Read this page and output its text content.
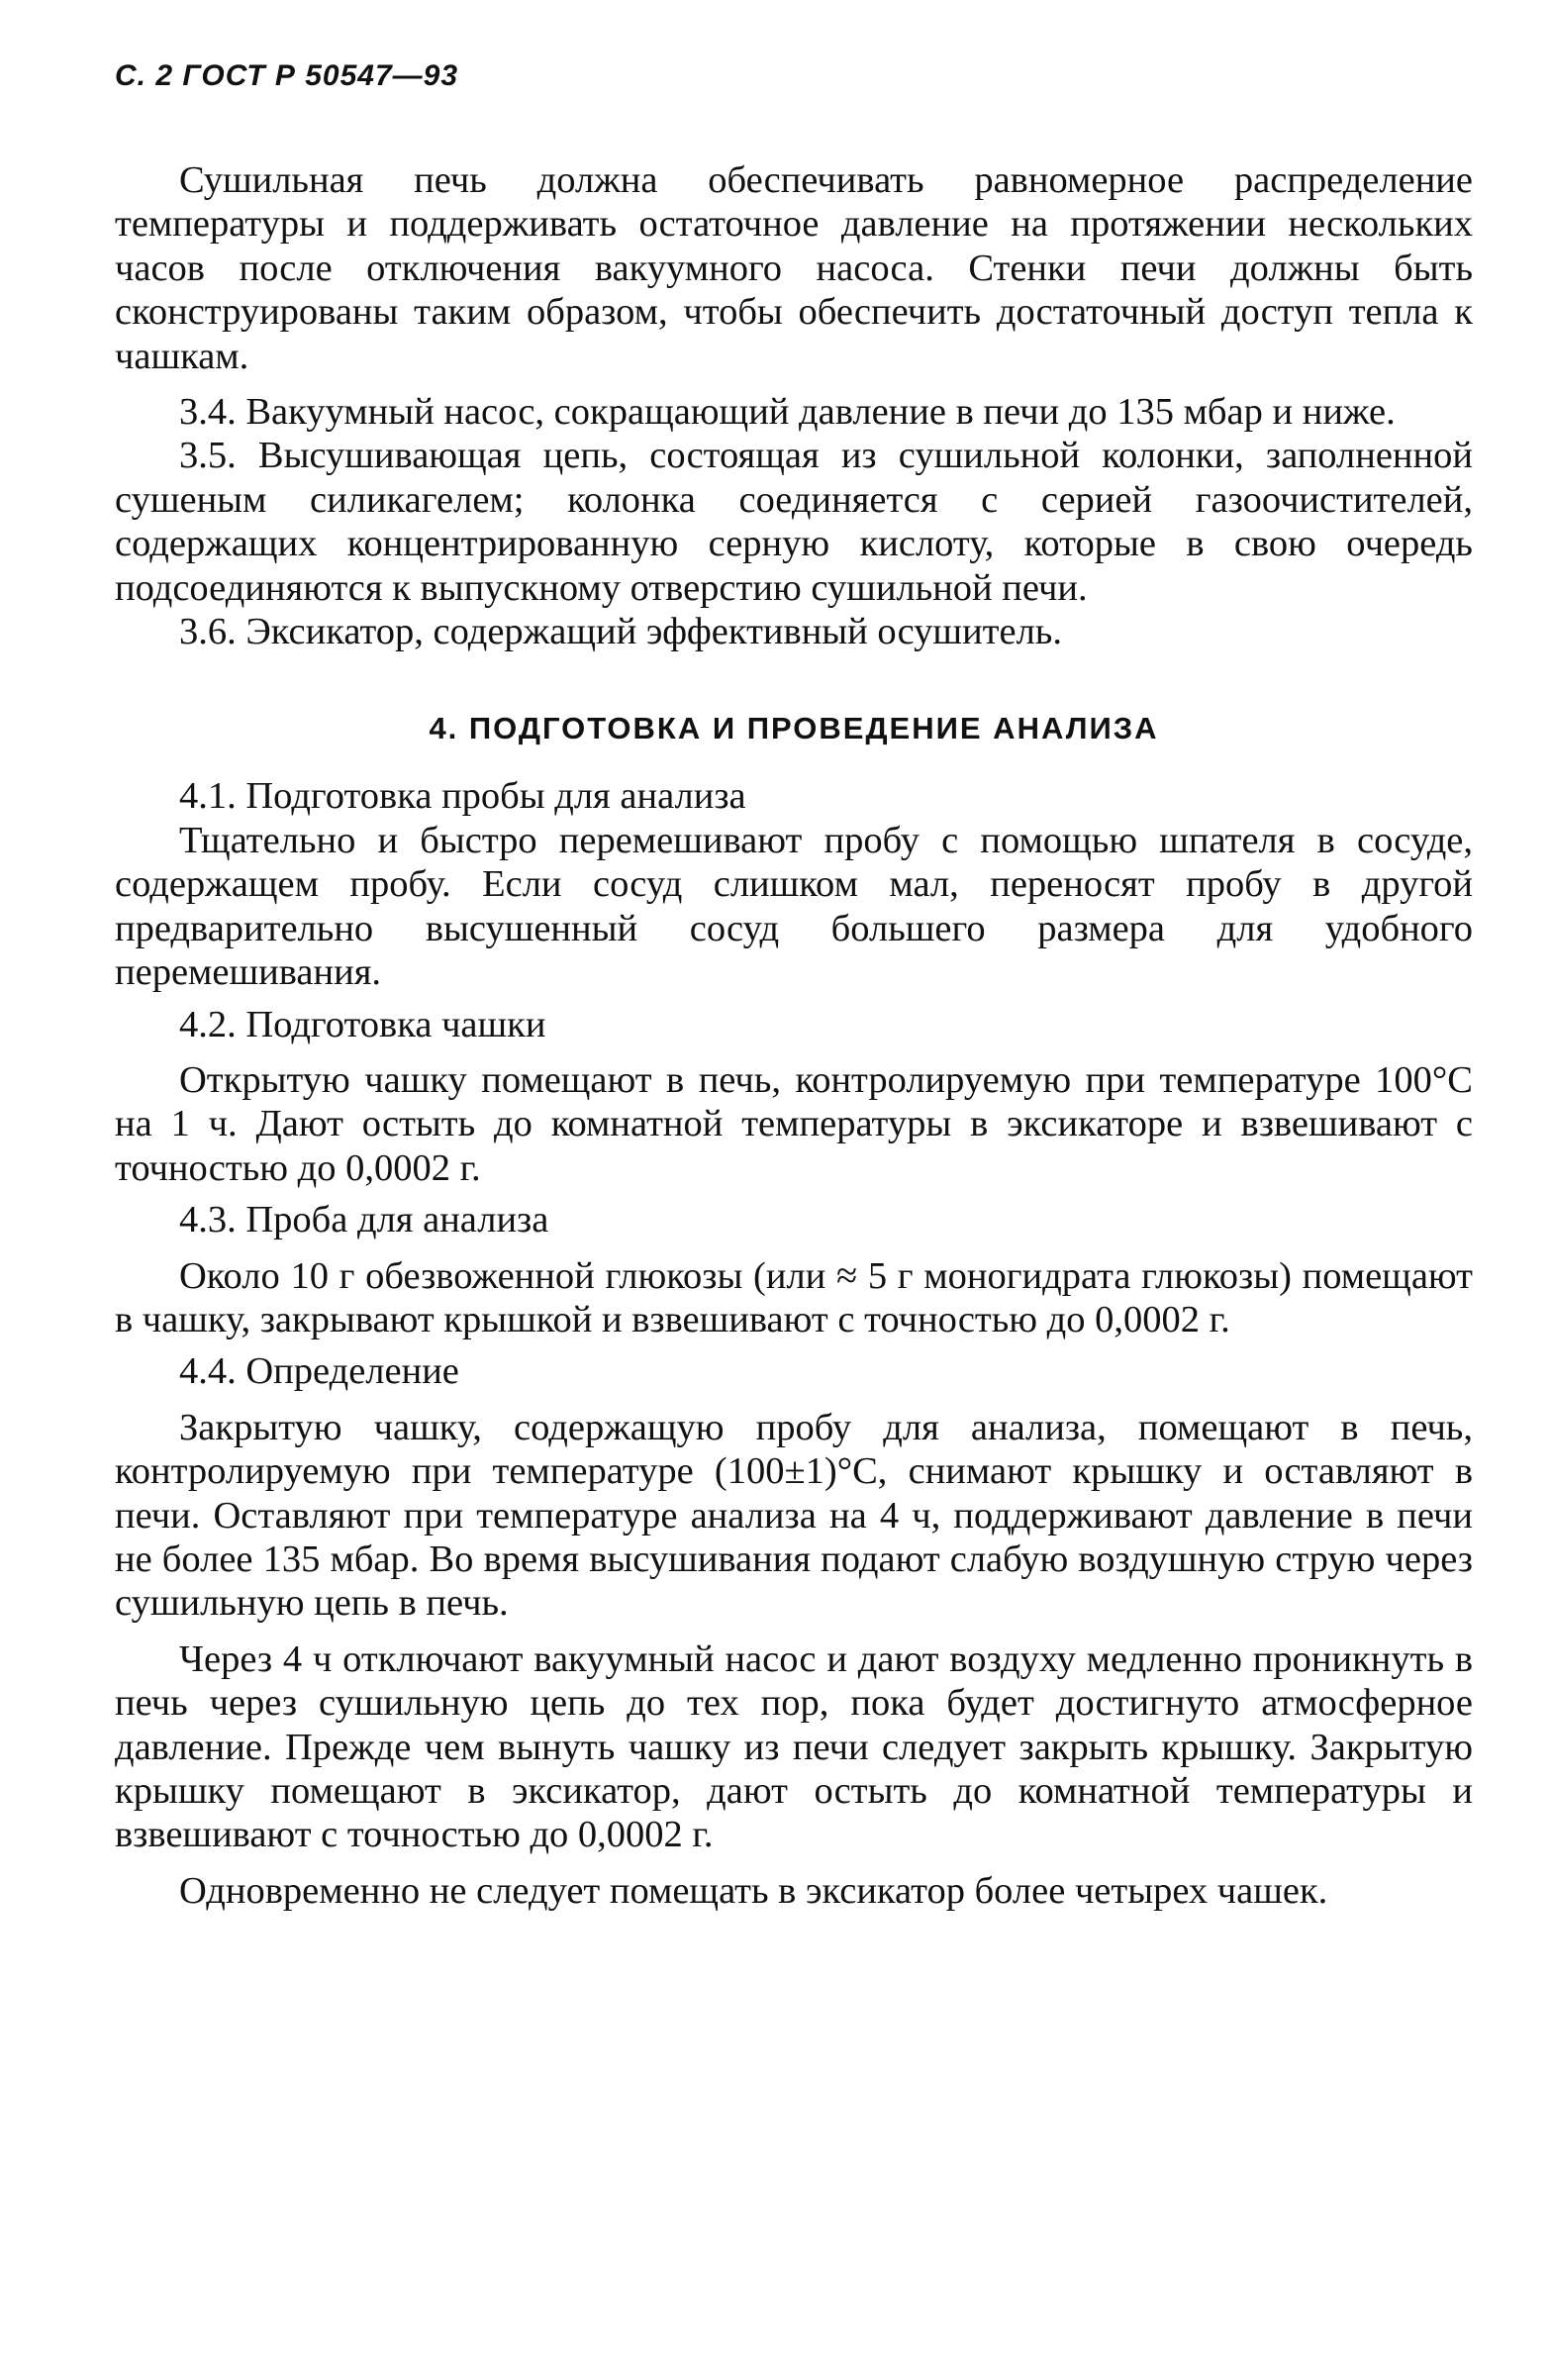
С. 2 ГОСТ Р 50547—93

Сушильная печь должна обеспечивать равномерное распределение температуры и поддерживать остаточное давление на протяжении нескольких часов после отключения вакуумного насоса. Стенки печи должны быть сконструированы таким образом, чтобы обеспечить достаточный доступ тепла к чашкам.

3.4. Вакуумный насос, сокращающий давление в печи до 135 мбар и ниже.

3.5. Высушивающая цепь, состоящая из сушильной колонки, заполненной сушеным силикагелем; колонка соединяется с серией газоочистителей, содержащих концентрированную серную кислоту, которые в свою очередь подсоединяются к выпускному отверстию сушильной печи.

3.6. Эксикатор, содержащий эффективный осушитель.

4. ПОДГОТОВКА И ПРОВЕДЕНИЕ АНАЛИЗА

4.1. Подготовка пробы для анализа

Тщательно и быстро перемешивают пробу с помощью шпателя в сосуде, содержащем пробу. Если сосуд слишком мал, переносят пробу в другой предварительно высушенный сосуд большего размера для удобного перемешивания.

4.2. Подготовка чашки

Открытую чашку помещают в печь, контролируемую при температуре 100°С на 1 ч. Дают остыть до комнатной температуры в эксикаторе и взвешивают с точностью до 0,0002 г.

4.3. Проба для анализа

Около 10 г обезвоженной глюкозы (или ≈ 5 г моногидрата глюкозы) помещают в чашку, закрывают крышкой и взвешивают с точностью до 0,0002 г.

4.4. Определение

Закрытую чашку, содержащую пробу для анализа, помещают в печь, контролируемую при температуре (100±1)°С, снимают крышку и оставляют в печи. Оставляют при температуре анализа на 4 ч, поддерживают давление в печи не более 135 мбар. Во время высушивания подают слабую воздушную струю через сушильную цепь в печь.

Через 4 ч отключают вакуумный насос и дают воздуху медленно проникнуть в печь через сушильную цепь до тех пор, пока будет достигнуто атмосферное давление. Прежде чем вынуть чашку из печи следует закрыть крышку. Закрытую крышку помещают в эксикатор, дают остыть до комнатной температуры и взвешивают с точностью до 0,0002 г.

Одновременно не следует помещать в эксикатор более четырех чашек.
